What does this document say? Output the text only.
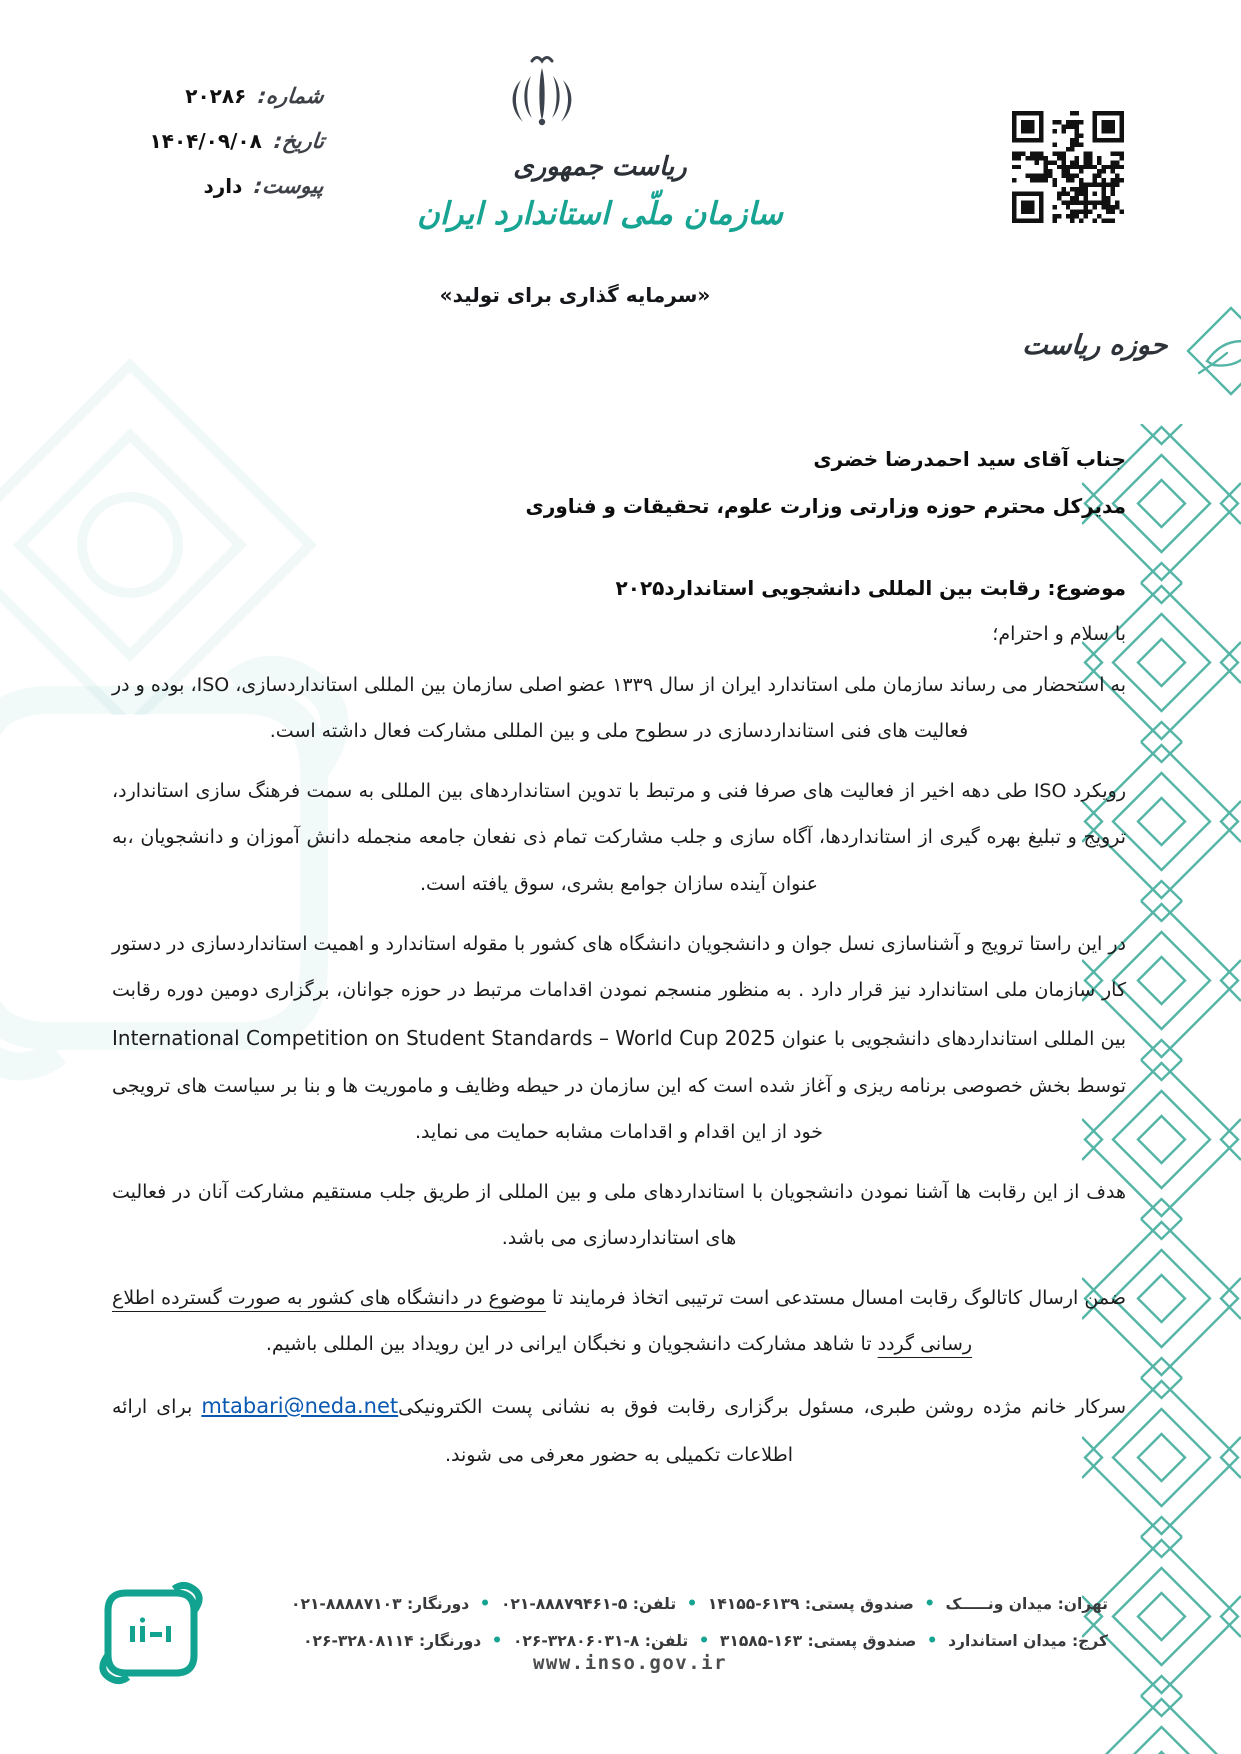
شماره:
۲۰۲۸۶
تاریخ:
۱۴۰۴/۰۹/۰۸
پیوست:
دارد
ریاست جمهوری
سازمان ملّی استاندارد ایران
«سرمایه گذاری برای تولید»
حوزه ریاست
جناب آقای سید احمدرضا خضری
مدیرکل محترم حوزه وزارتی وزارت علوم، تحقیقات و فناوری
موضوع: رقابت بین المللی دانشجویی استاندارد۲۰۲۵
با سلام و احترام؛

به استحضار می رساند سازمان ملی استاندارد ایران از سال ۱۳۳۹ عضو اصلی سازمان بین المللی استانداردسازی، ISO، بوده و در فعالیت های فنی استانداردسازی در سطوح ملی و بین المللی مشارکت فعال داشته است.

رویکرد ISO طی دهه اخیر از فعالیت های صرفا فنی و مرتبط با تدوین استانداردهای بین المللی به سمت فرهنگ سازی استاندارد، ترویج و تبلیغ بهره گیری از استانداردها، آگاه سازی و جلب مشارکت تمام ذی نفعان جامعه منجمله دانش آموزان و دانشجویان ،به عنوان آینده سازان جوامع بشری، سوق یافته است.

در این راستا ترویج و آشناسازی نسل جوان و دانشجویان دانشگاه های کشور با مقوله استاندارد و اهمیت استانداردسازی در دستور کار سازمان ملی استاندارد نیز قرار دارد . به منظور منسجم نمودن اقدامات مرتبط در حوزه جوانان، برگزاری دومین دوره رقابت بین المللی استانداردهای دانشجویی با عنوان International Competition on Student Standards – World Cup 2025 توسط بخش خصوصی برنامه ریزی و آغاز شده است که این سازمان در حیطه وظایف و ماموریت ها و بنا بر سیاست های ترویجی خود از این اقدام و اقدامات مشابه حمایت می نماید.

هدف از این رقابت ها آشنا نمودن دانشجویان با استانداردهای ملی و بین المللی از طریق جلب مستقیم مشارکت آنان در فعالیت های استانداردسازی می باشد.

ضمن ارسال کاتالوگ رقابت امسال مستدعی است ترتیبی اتخاذ فرمایند تا موضوع در دانشگاه های کشور به صورت گسترده اطلاع رسانی گردد تا شاهد مشارکت دانشجویان و نخبگان ایرانی در این رویداد بین المللی باشیم.

سرکار خانم مژده روشن طبری، مسئول برگزاری رقابت فوق به نشانی پست الکترونیکیmtabari@neda.net برای ارائه اطلاعات تکمیلی به حضور معرفی می شوند.

تهران: میدان ونـــــک • صندوق پستی: ۱۴۱۵۵-۶۱۳۹ • تلفن: ۰۲۱-۸۸۸۷۹۴۶۱-۵ • دورنگار: ۰۲۱-۸۸۸۸۷۱۰۳
کرج: میدان استاندارد • صندوق پستی: ۳۱۵۸۵-۱۶۳ • تلفن: ۰۲۶-۳۲۸۰۶۰۳۱-۸ • دورنگار: ۰۲۶-۳۲۸۰۸۱۱۴
www.inso.gov.ir
